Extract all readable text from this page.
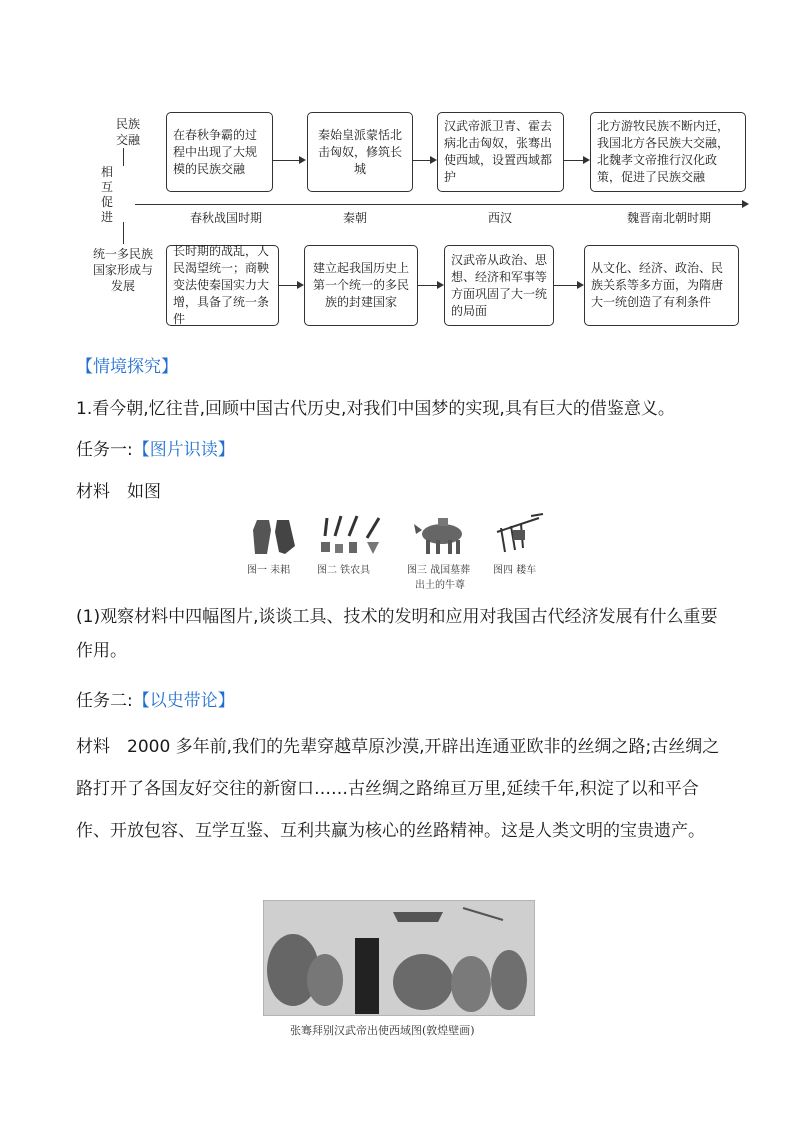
民族
交融
相互
促进
统一多民族
国家形成与
发展
在春秋争霸的过程中出现了大规模的民族交融
秦始皇派蒙恬北击匈奴，修筑长城
汉武帝派卫青、霍去病北击匈奴，张骞出使西域，设置西域都护
北方游牧民族不断内迁，我国北方各民族大交融，北魏孝文帝推行汉化政策，促进了民族交融
春秋战国时期	秦朝	西汉	魏晋南北朝时期
长时期的战乱，人民渴望统一；商鞅变法使秦国实力大增，具备了统一条件
建立起我国历史上第一个统一的多民族的封建国家
汉武帝从政治、思想、经济和军事等方面巩固了大一统的局面
从文化、经济、政治、民族关系等多方面，为隋唐大一统创造了有利条件
【情境探究】
1.看今朝,忆往昔,回顾中国古代历史,对我们中国梦的实现,具有巨大的借鉴意义。
任务一:【图片识读】
材料　如图
图一 耒耜	图二 铁农具	图三 战国墓葬
出土的牛尊
图四 耧车
(1)观察材料中四幅图片,谈谈工具、技术的发明和应用对我国古代经济发展有什么重要作用。
任务二:【以史带论】
材料　2000 多年前,我们的先辈穿越草原沙漠,开辟出连通亚欧非的丝绸之路;古丝绸之路打开了各国友好交往的新窗口……古丝绸之路绵亘万里,延续千年,积淀了以和平合作、开放包容、互学互鉴、互利共赢为核心的丝路精神。这是人类文明的宝贵遗产。
张骞拜别汉武帝出使西域图(敦煌壁画)
